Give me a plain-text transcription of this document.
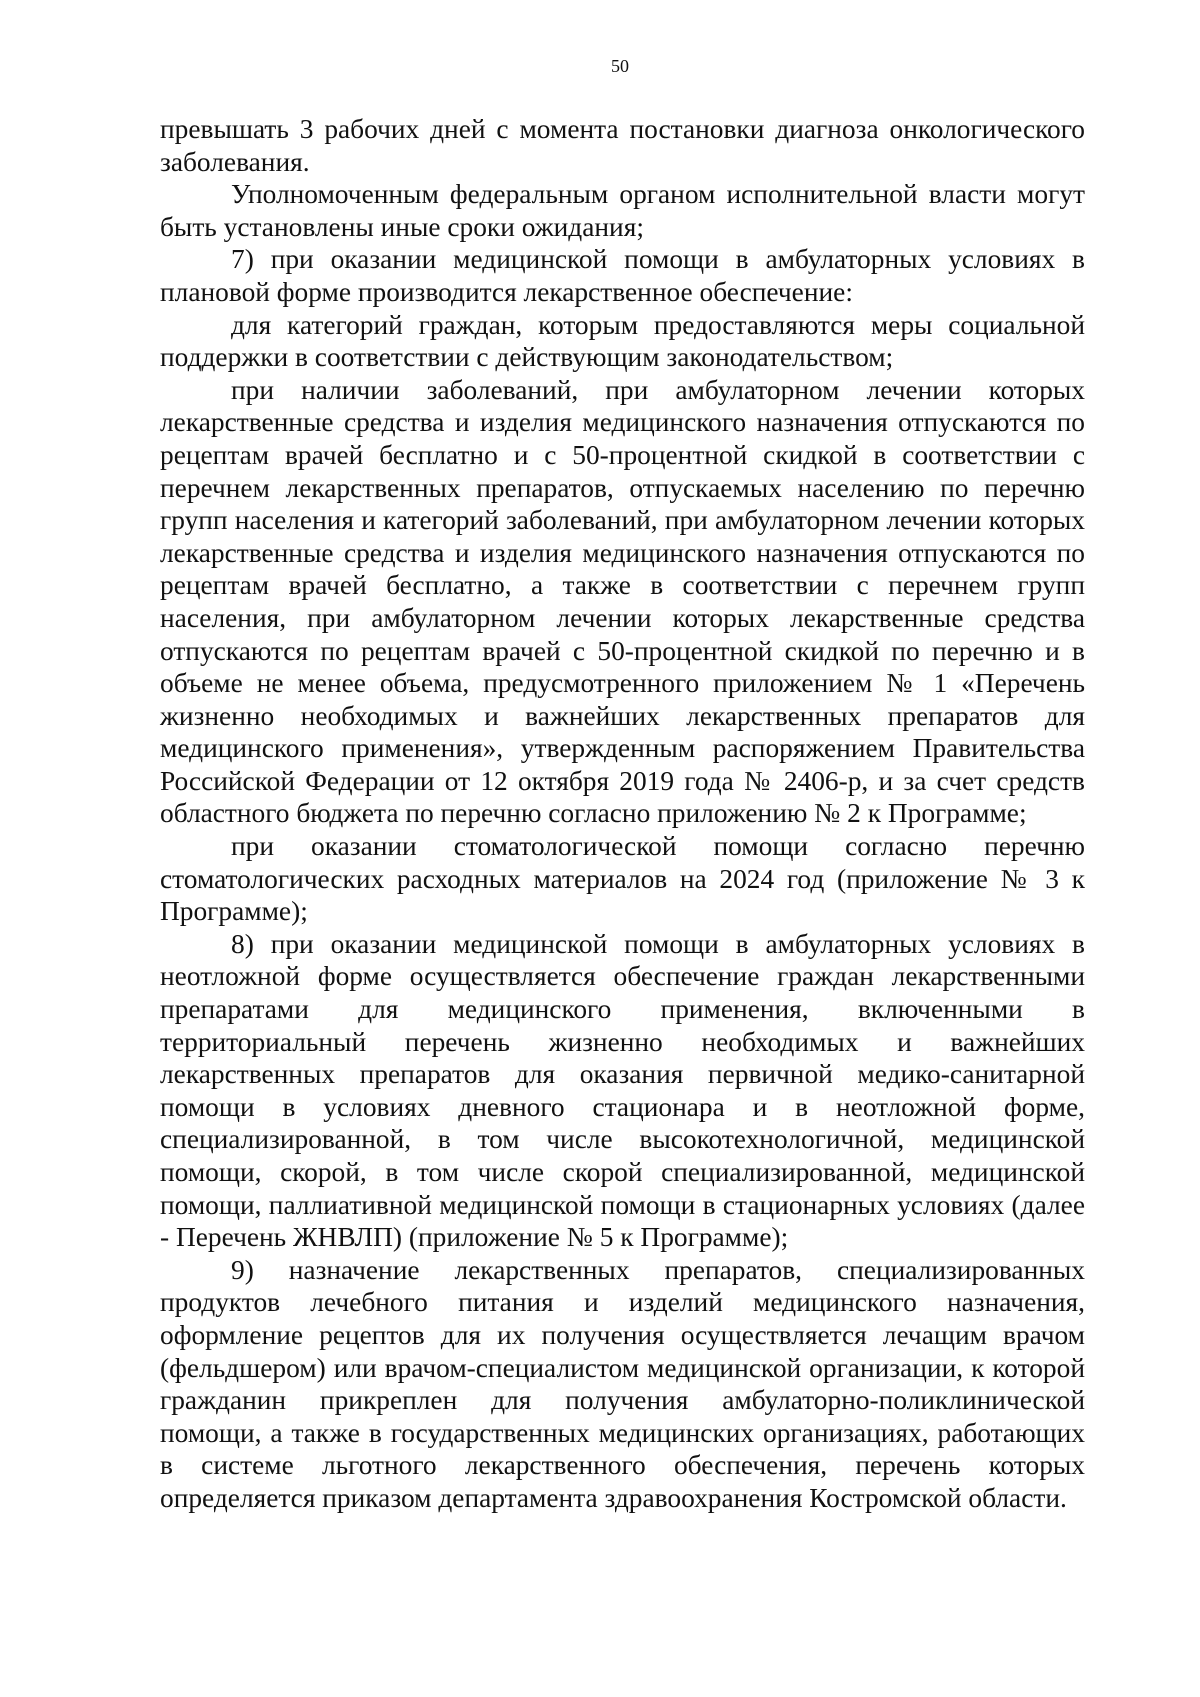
50

превышать 3 рабочих дней с момента постановки диагноза онкологического заболевания.

Уполномоченным федеральным органом исполнительной власти могут быть установлены иные сроки ожидания;

7) при оказании медицинской помощи в амбулаторных условиях в плановой форме производится лекарственное обеспечение:

для категорий граждан, которым предоставляются меры социальной поддержки в соответствии с действующим законодательством;

при наличии заболеваний, при амбулаторном лечении которых лекарственные средства и изделия медицинского назначения отпускаются по рецептам врачей бесплатно и с 50-процентной скидкой в соответствии с перечнем лекарственных препаратов, отпускаемых населению по перечню групп населения и категорий заболеваний, при амбулаторном лечении которых лекарственные средства и изделия медицинского назначения отпускаются по рецептам врачей бесплатно, а также в соответствии с перечнем групп населения, при амбулаторном лечении которых лекарственные средства отпускаются по рецептам врачей с 50-процентной скидкой по перечню и в объеме не менее объема, предусмотренного приложением № 1 «Перечень жизненно необходимых и важнейших лекарственных препаратов для медицинского применения», утвержденным распоряжением Правительства Российской Федерации от 12 октября 2019 года № 2406-р, и за счет средств областного бюджета по перечню согласно приложению № 2 к Программе;

при оказании стоматологической помощи согласно перечню стоматологических расходных материалов на 2024 год (приложение № 3 к Программе);

8) при оказании медицинской помощи в амбулаторных условиях в неотложной форме осуществляется обеспечение граждан лекарственными препаратами для медицинского применения, включенными в территориальный перечень жизненно необходимых и важнейших лекарственных препаратов для оказания первичной медико-санитарной помощи в условиях дневного стационара и в неотложной форме, специализированной, в том числе высокотехнологичной, медицинской помощи, скорой, в том числе скорой специализированной, медицинской помощи, паллиативной медицинской помощи в стационарных условиях (далее - Перечень ЖНВЛП) (приложение № 5 к Программе);

9) назначение лекарственных препаратов, специализированных продуктов лечебного питания и изделий медицинского назначения, оформление рецептов для их получения осуществляется лечащим врачом (фельдшером) или врачом-специалистом медицинской организации, к которой гражданин прикреплен для получения амбулаторно-поликлинической помощи, а также в государственных медицинских организациях, работающих в системе льготного лекарственного обеспечения, перечень которых определяется приказом департамента здравоохранения Костромской области.
